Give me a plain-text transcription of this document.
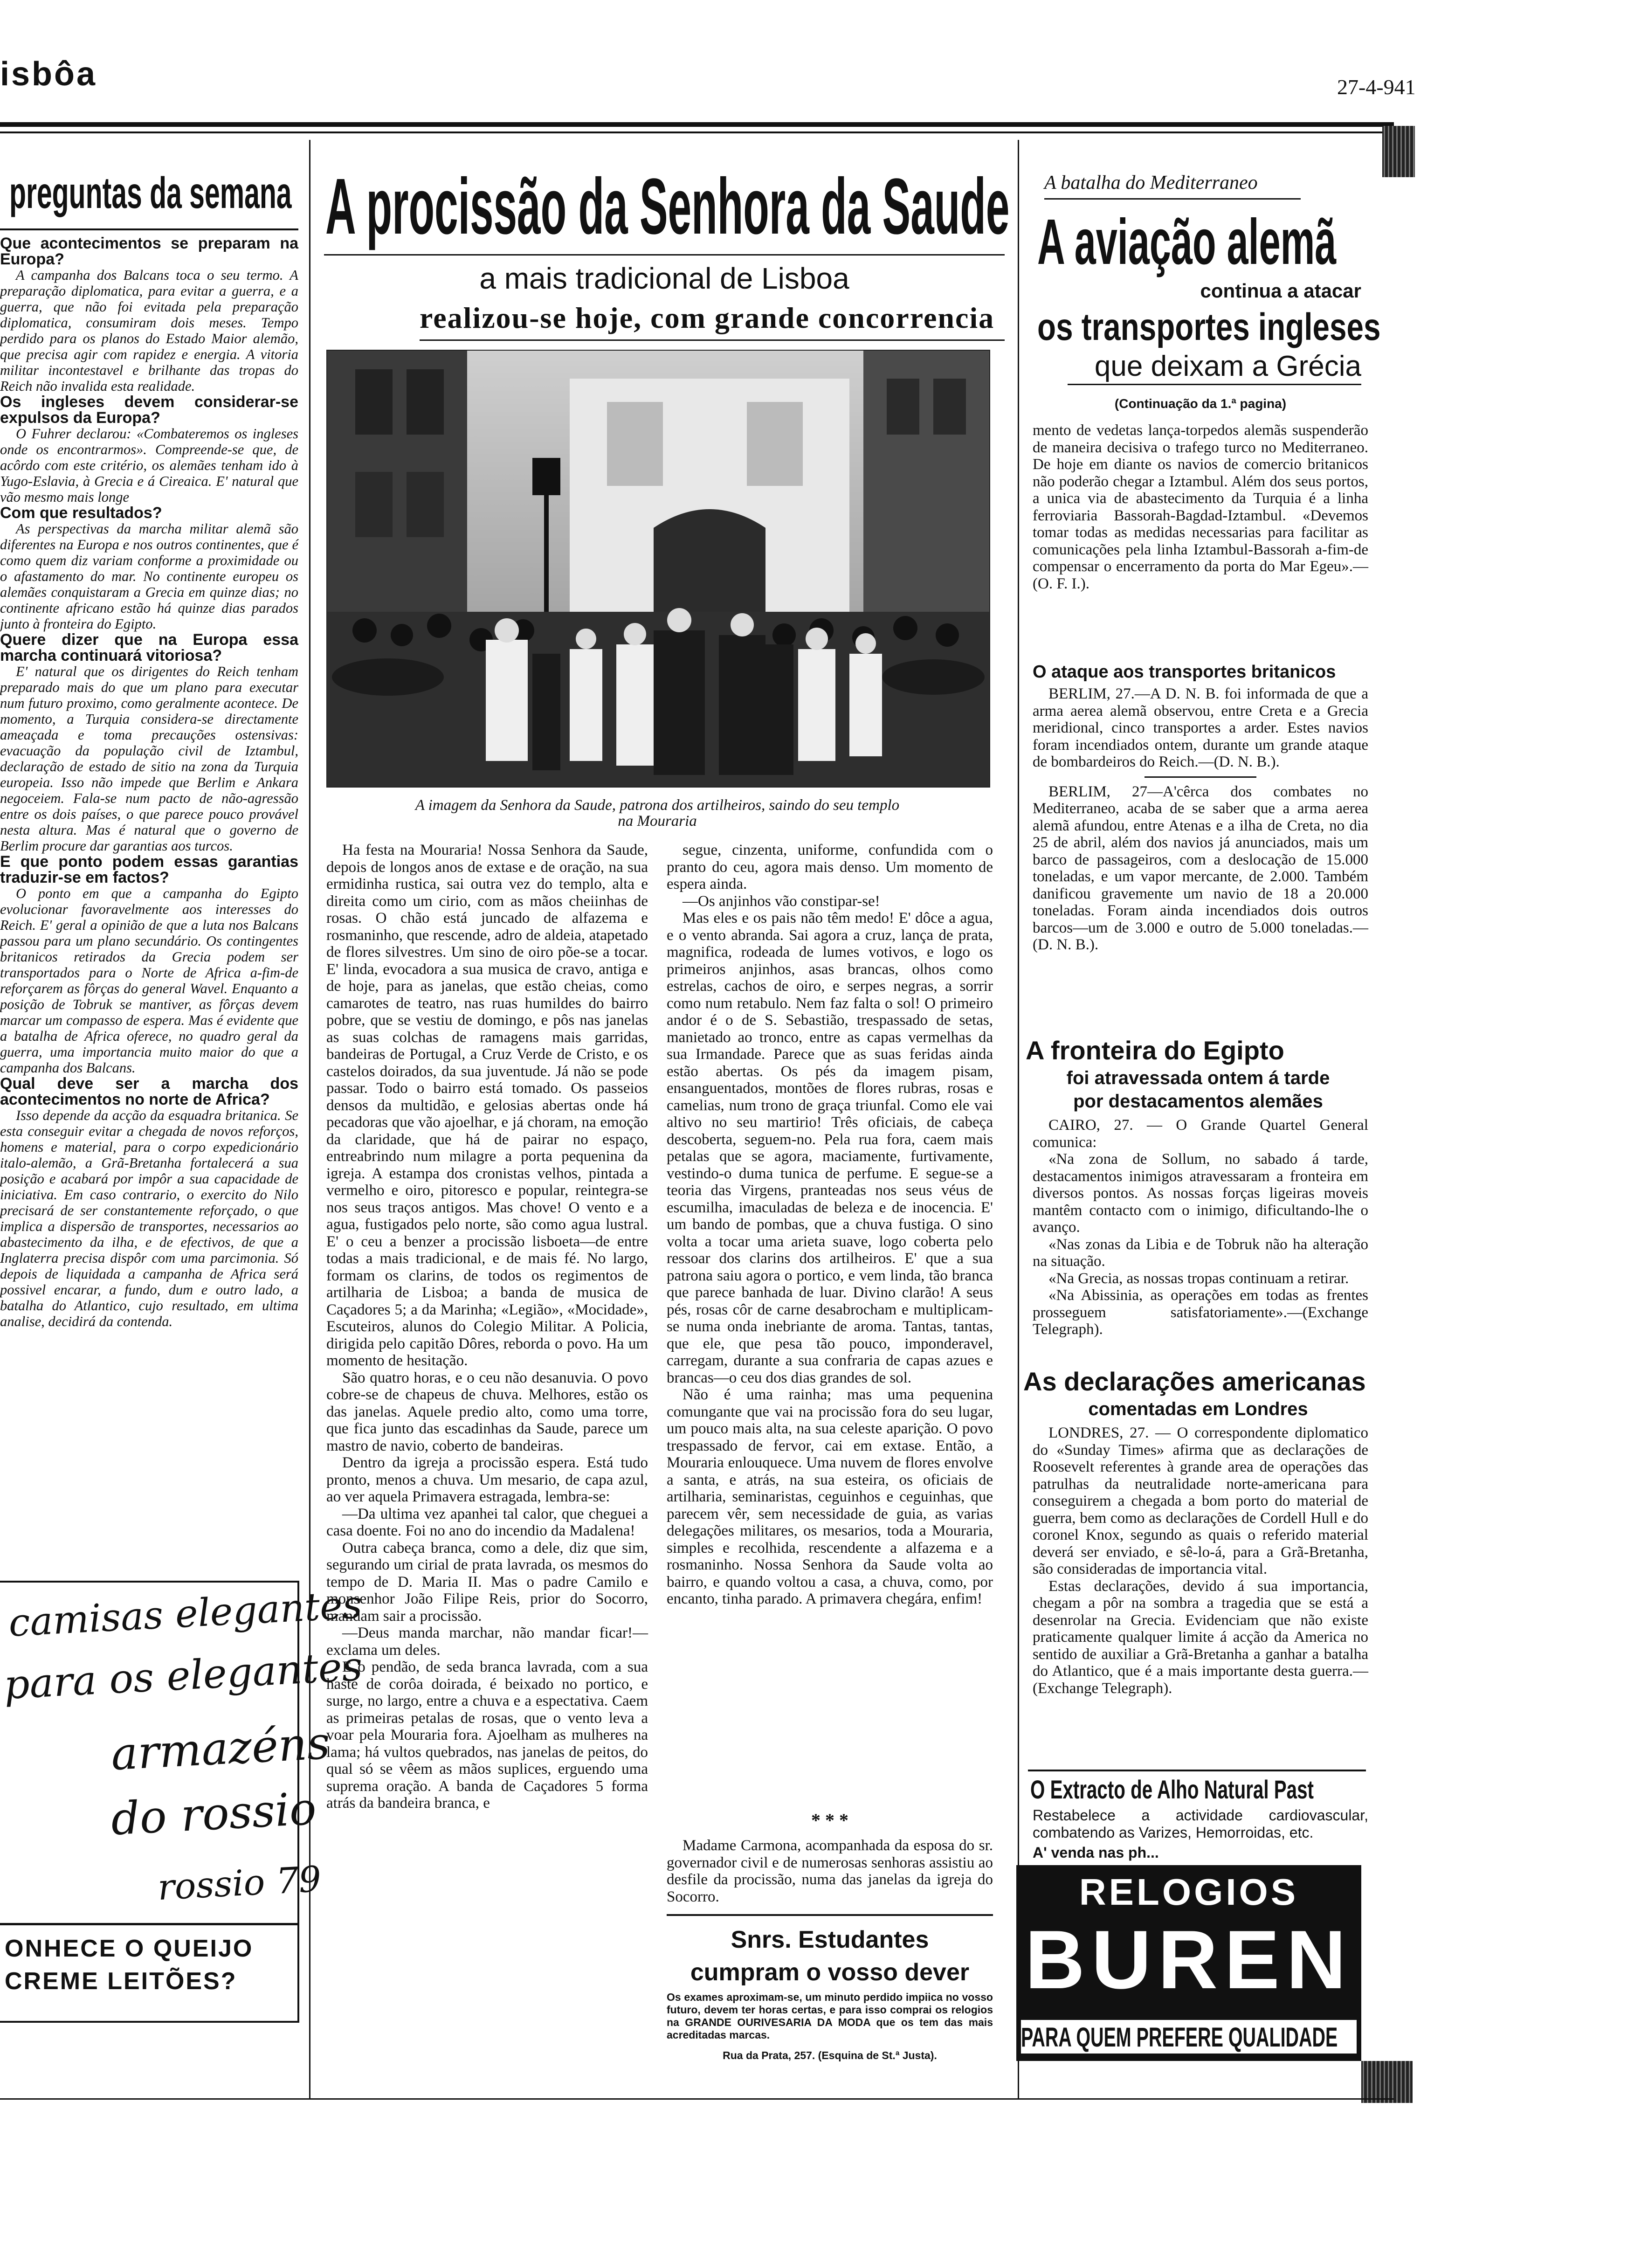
isbôa	27-4-941
preguntas da semana

Que acontecimentos se preparam na Europa?

A campanha dos Balcans toca o seu termo. A preparação diplomatica, para evitar a guerra, e a guerra, que não foi evitada pela preparação diplomatica, consumiram dois meses. Tempo perdido para os planos do Estado Maior alemão, que precisa agir com rapidez e energia. A vitoria militar incontestavel e brilhante das tropas do Reich não invalida esta realidade.

Os ingleses devem considerar-se expulsos da Europa?

O Fuhrer declarou: «Combateremos os ingleses onde os encontrarmos». Compreende-se que, de acôrdo com este critério, os alemães tenham ido à Yugo-Eslavia, à Grecia e á Cireaica. E' natural que vão mesmo mais longe

Com que resultados?

As perspectivas da marcha militar alemã são diferentes na Europa e nos outros continentes, que é como quem diz variam conforme a proximidade ou o afastamento do mar. No continente europeu os alemães conquistaram a Grecia em quinze dias; no continente africano estão há quinze dias parados junto à fronteira do Egipto.

Quere dizer que na Europa essa marcha continuará vitoriosa?

E' natural que os dirigentes do Reich tenham preparado mais do que um plano para executar num futuro proximo, como geralmente acontece. De momento, a Turquia considera-se directamente ameaçada e toma precauções ostensivas: evacuação da população civil de Iztambul, declaração de estado de sitio na zona da Turquia europeia. Isso não impede que Berlim e Ankara negoceiem. Fala-se num pacto de não-agressão entre os dois países, o que parece pouco provável nesta altura. Mas é natural que o governo de Berlim procure dar garantias aos turcos.

E que ponto podem essas garantias traduzir-se em factos?

O ponto em que a campanha do Egipto evolucionar favoravelmente aos interesses do Reich. E' geral a opinião de que a luta nos Balcans passou para um plano secundário. Os contingentes britanicos retirados da Grecia podem ser transportados para o Norte de Africa a-fim-de reforçarem as fôrças do general Wavel. Enquanto a posição de Tobruk se mantiver, as fôrças devem marcar um compasso de espera. Mas é evidente que a batalha de Africa oferece, no quadro geral da guerra, uma importancia muito maior do que a campanha dos Balcans.

Qual deve ser a marcha dos acontecimentos no norte de Africa?

Isso depende da acção da esquadra britanica. Se esta conseguir evitar a chegada de novos reforços, homens e material, para o corpo expedicionário italo-alemão, a Grã-Bretanha fortalecerá a sua posição e acabará por impôr a sua capacidade de iniciativa. Em caso contrario, o exercito do Nilo precisará de ser constantemente reforçado, o que implica a dispersão de transportes, necessarios ao abastecimento da ilha, e de efectivos, de que a Inglaterra precisa dispôr com uma parcimonia. Só depois de liquidada a campanha de Africa será possivel encarar, a fundo, dum e outro lado, a batalha do Atlantico, cujo resultado, em ultima analise, decidirá da contenda.

camisas elegantes
para os elegantes
armazéns
do rossio
rossio 79
ONHECE O QUEIJO
CREME LEITÕES?
A procissão da Senhora da Saude
a mais tradicional de Lisboa
realizou-se hoje, com grande concorrencia
A imagem da Senhora da Saude, patrona dos artilheiros, saindo do seu templo
na Mouraria

Ha festa na Mouraria! Nossa Senhora da Saude, depois de longos anos de extase e de oração, na sua ermidinha rustica, sai outra vez do templo, alta e direita como um cirio, com as mãos cheiinhas de rosas. O chão está juncado de alfazema e rosmaninho, que rescende, adro de aldeia, atapetado de flores silvestres. Um sino de oiro põe-se a tocar. E' linda, evocadora a sua musica de cravo, antiga e de hoje, para as janelas, que estão cheias, como camarotes de teatro, nas ruas humildes do bairro pobre, que se vestiu de domingo, e pôs nas janelas as suas colchas de ramagens mais garridas, bandeiras de Portugal, a Cruz Verde de Cristo, e os castelos doirados, da sua juventude. Já não se pode passar. Todo o bairro está tomado. Os passeios densos da multidão, e gelosias abertas onde há pecadoras que vão ajoelhar, e já choram, na emoção da claridade, que há de pairar no espaço, entreabrindo num milagre a porta pequenina da igreja. A estampa dos cronistas velhos, pintada a vermelho e oiro, pitoresco e popular, reintegra-se nos seus traços antigos. Mas chove! O vento e a agua, fustigados pelo norte, são como agua lustral. E' o ceu a benzer a procissão lisboeta—de entre todas a mais tradicional, e de mais fé. No largo, formam os clarins, de todos os regimentos de artilharia de Lisboa; a banda de musica de Caçadores 5; a da Marinha; «Legião», «Mocidade», Escuteiros, alunos do Colegio Militar. A Policia, dirigida pelo capitão Dôres, reborda o povo. Ha um momento de hesitação.

São quatro horas, e o ceu não desanuvia. O povo cobre-se de chapeus de chuva. Melhores, estão os das janelas. Aquele predio alto, como uma torre, que fica junto das escadinhas da Saude, parece um mastro de navio, coberto de bandeiras.

Dentro da igreja a procissão espera. Está tudo pronto, menos a chuva. Um mesario, de capa azul, ao ver aquela Primavera estragada, lembra-se:

—Da ultima vez apanhei tal calor, que cheguei a casa doente. Foi no ano do incendio da Madalena!

Outra cabeça branca, como a dele, diz que sim, segurando um cirial de prata lavrada, os mesmos do tempo de D. Maria II. Mas o padre Camilo e monsenhor João Filipe Reis, prior do Socorro, mandam sair a procissão.

—Deus manda marchar, não mandar ficar!—exclama um deles.

E o pendão, de seda branca lavrada, com a sua haste de corôa doirada, é beixado no portico, e surge, no largo, entre a chuva e a espectativa. Caem as primeiras petalas de rosas, que o vento leva a voar pela Mouraria fora. Ajoelham as mulheres na lama; há vultos quebrados, nas janelas de peitos, do qual só se vêem as mãos suplices, erguendo uma suprema oração. A banda de Caçadores 5 forma atrás da bandeira branca, e

segue, cinzenta, uniforme, confundida com o pranto do ceu, agora mais denso. Um momento de espera ainda.

—Os anjinhos vão constipar-se!

Mas eles e os pais não têm medo! E' dôce a agua, e o vento abranda. Sai agora a cruz, lança de prata, magnifica, rodeada de lumes votivos, e logo os primeiros anjinhos, asas brancas, olhos como estrelas, cachos de oiro, e serpes negras, a sorrir como num retabulo. Nem faz falta o sol! O primeiro andor é o de S. Sebastião, trespassado de setas, manietado ao tronco, entre as capas vermelhas da sua Irmandade. Parece que as suas feridas ainda estão abertas. Os pés da imagem pisam, ensanguentados, montões de flores rubras, rosas e camelias, num trono de graça triunfal. Como ele vai altivo no seu martirio! Três oficiais, de cabeça descoberta, seguem-no. Pela rua fora, caem mais petalas que se agora, maciamente, furtivamente, vestindo-o duma tunica de perfume. E segue-se a teoria das Virgens, pranteadas nos seus véus de escumilha, imaculadas de beleza e de inocencia. E' um bando de pombas, que a chuva fustiga. O sino volta a tocar uma arieta suave, logo coberta pelo ressoar dos clarins dos artilheiros. E' que a sua patrona saiu agora o portico, e vem linda, tão branca que parece banhada de luar. Divino clarão! A seus pés, rosas côr de carne desabrocham e multiplicam-se numa onda inebriante de aroma. Tantas, tantas, que ele, que pesa tão pouco, imponderavel, carregam, durante a sua confraria de capas azues e brancas—o ceu dos dias grandes de sol.

Não é uma rainha; mas uma pequenina comungante que vai na procissão fora do seu lugar, um pouco mais alta, na sua celeste aparição. O povo trespassado de fervor, cai em extase. Então, a Mouraria enlouquece. Uma nuvem de flores envolve a santa, e atrás, na sua esteira, os oficiais de artilharia, seminaristas, ceguinhos e ceguinhas, que parecem vêr, sem necessidade de guia, as varias delegações militares, os mesarios, toda a Mouraria, simples e recolhida, rescendente a alfazema e a rosmaninho. Nossa Senhora da Saude volta ao bairro, e quando voltou a casa, a chuva, como, por encanto, tinha parado. A primavera chegára, enfim!

* * *

Madame Carmona, acompanhada da esposa do sr. governador civil e de numerosas senhoras assistiu ao desfile da procissão, numa das janelas da igreja do Socorro.

Snrs. Estudantes
cumpram o vosso dever
Os exames aproximam-se, um minuto perdido impiica no vosso futuro, devem ter horas certas, e para isso comprai os relogios na GRANDE OURIVESARIA DA MODA que os tem das mais acreditadas marcas.
Rua da Prata, 257. (Esquina de St.ª Justa).
A batalha do Mediterraneo
A aviação alemã
continua a atacar
os transportes ingleses
que deixam a Grécia
(Continuação da 1.ª pagina)

mento de vedetas lança-torpedos alemãs suspenderão de maneira decisiva o trafego turco no Mediterraneo. De hoje em diante os navios de comercio britanicos não poderão chegar a Iztambul. Além dos seus portos, a unica via de abastecimento da Turquia é a linha ferroviaria Bassorah-Bagdad-Iztambul. «Devemos tomar todas as medidas necessarias para facilitar as comunicações pela linha Iztambul-Bassorah a-fim-de compensar o encerramento da porta do Mar Egeu».—(O. F. I.).

O ataque aos transportes britanicos

BERLIM, 27.—A D. N. B. foi informada de que a arma aerea alemã observou, entre Creta e a Grecia meridional, cinco transportes a arder. Estes navios foram incendiados ontem, durante um grande ataque de bombardeiros do Reich.—(D. N. B.).

BERLIM, 27—A'cêrca dos combates no Mediterraneo, acaba de se saber que a arma aerea alemã afundou, entre Atenas e a ilha de Creta, no dia 25 de abril, além dos navios já anunciados, mais um barco de passageiros, com a deslocação de 15.000 toneladas, e um vapor mercante, de 2.000. Também danificou gravemente um navio de 18 a 20.000 toneladas. Foram ainda incendiados dois outros barcos—um de 3.000 e outro de 5.000 toneladas.—(D. N. B.).

A fronteira do Egipto
foi atravessada ontem á tarde
por destacamentos alemães

CAIRO, 27. — O Grande Quartel General comunica:

«Na zona de Sollum, no sabado á tarde, destacamentos inimigos atravessaram a fronteira em diversos pontos. As nossas forças ligeiras moveis mantêm contacto com o inimigo, dificultando-lhe o avanço.

«Nas zonas da Libia e de Tobruk não ha alteração na situação.

«Na Grecia, as nossas tropas continuam a retirar.

«Na Abissinia, as operações em todas as frentes prosseguem satisfatoriamente».—(Exchange Telegraph).

As declarações americanas
comentadas em Londres

LONDRES, 27. — O correspondente diplomatico do «Sunday Times» afirma que as declarações de Roosevelt referentes à grande area de operações das patrulhas da neutralidade norte-americana para conseguirem a chegada a bom porto do material de guerra, bem como as declarações de Cordell Hull e do coronel Knox, segundo as quais o referido material deverá ser enviado, e sê-lo-á, para a Grã-Bretanha, são consideradas de importancia vital.

Estas declarações, devido á sua importancia, chegam a pôr na sombra a tragedia que se está a desenrolar na Grecia. Evidenciam que não existe praticamente qualquer limite á acção da America no sentido de auxiliar a Grã-Bretanha a ganhar a batalha do Atlantico, que é a mais importante desta guerra.—(Exchange Telegraph).

O Extracto de Alho Natural Past
Restabelece a actividade cardiovascular, combatendo as Varizes, Hemorroidas, etc.
A' venda nas ph...
RELOGIOS
BUREN
PARA QUEM PREFERE QUALIDADE
